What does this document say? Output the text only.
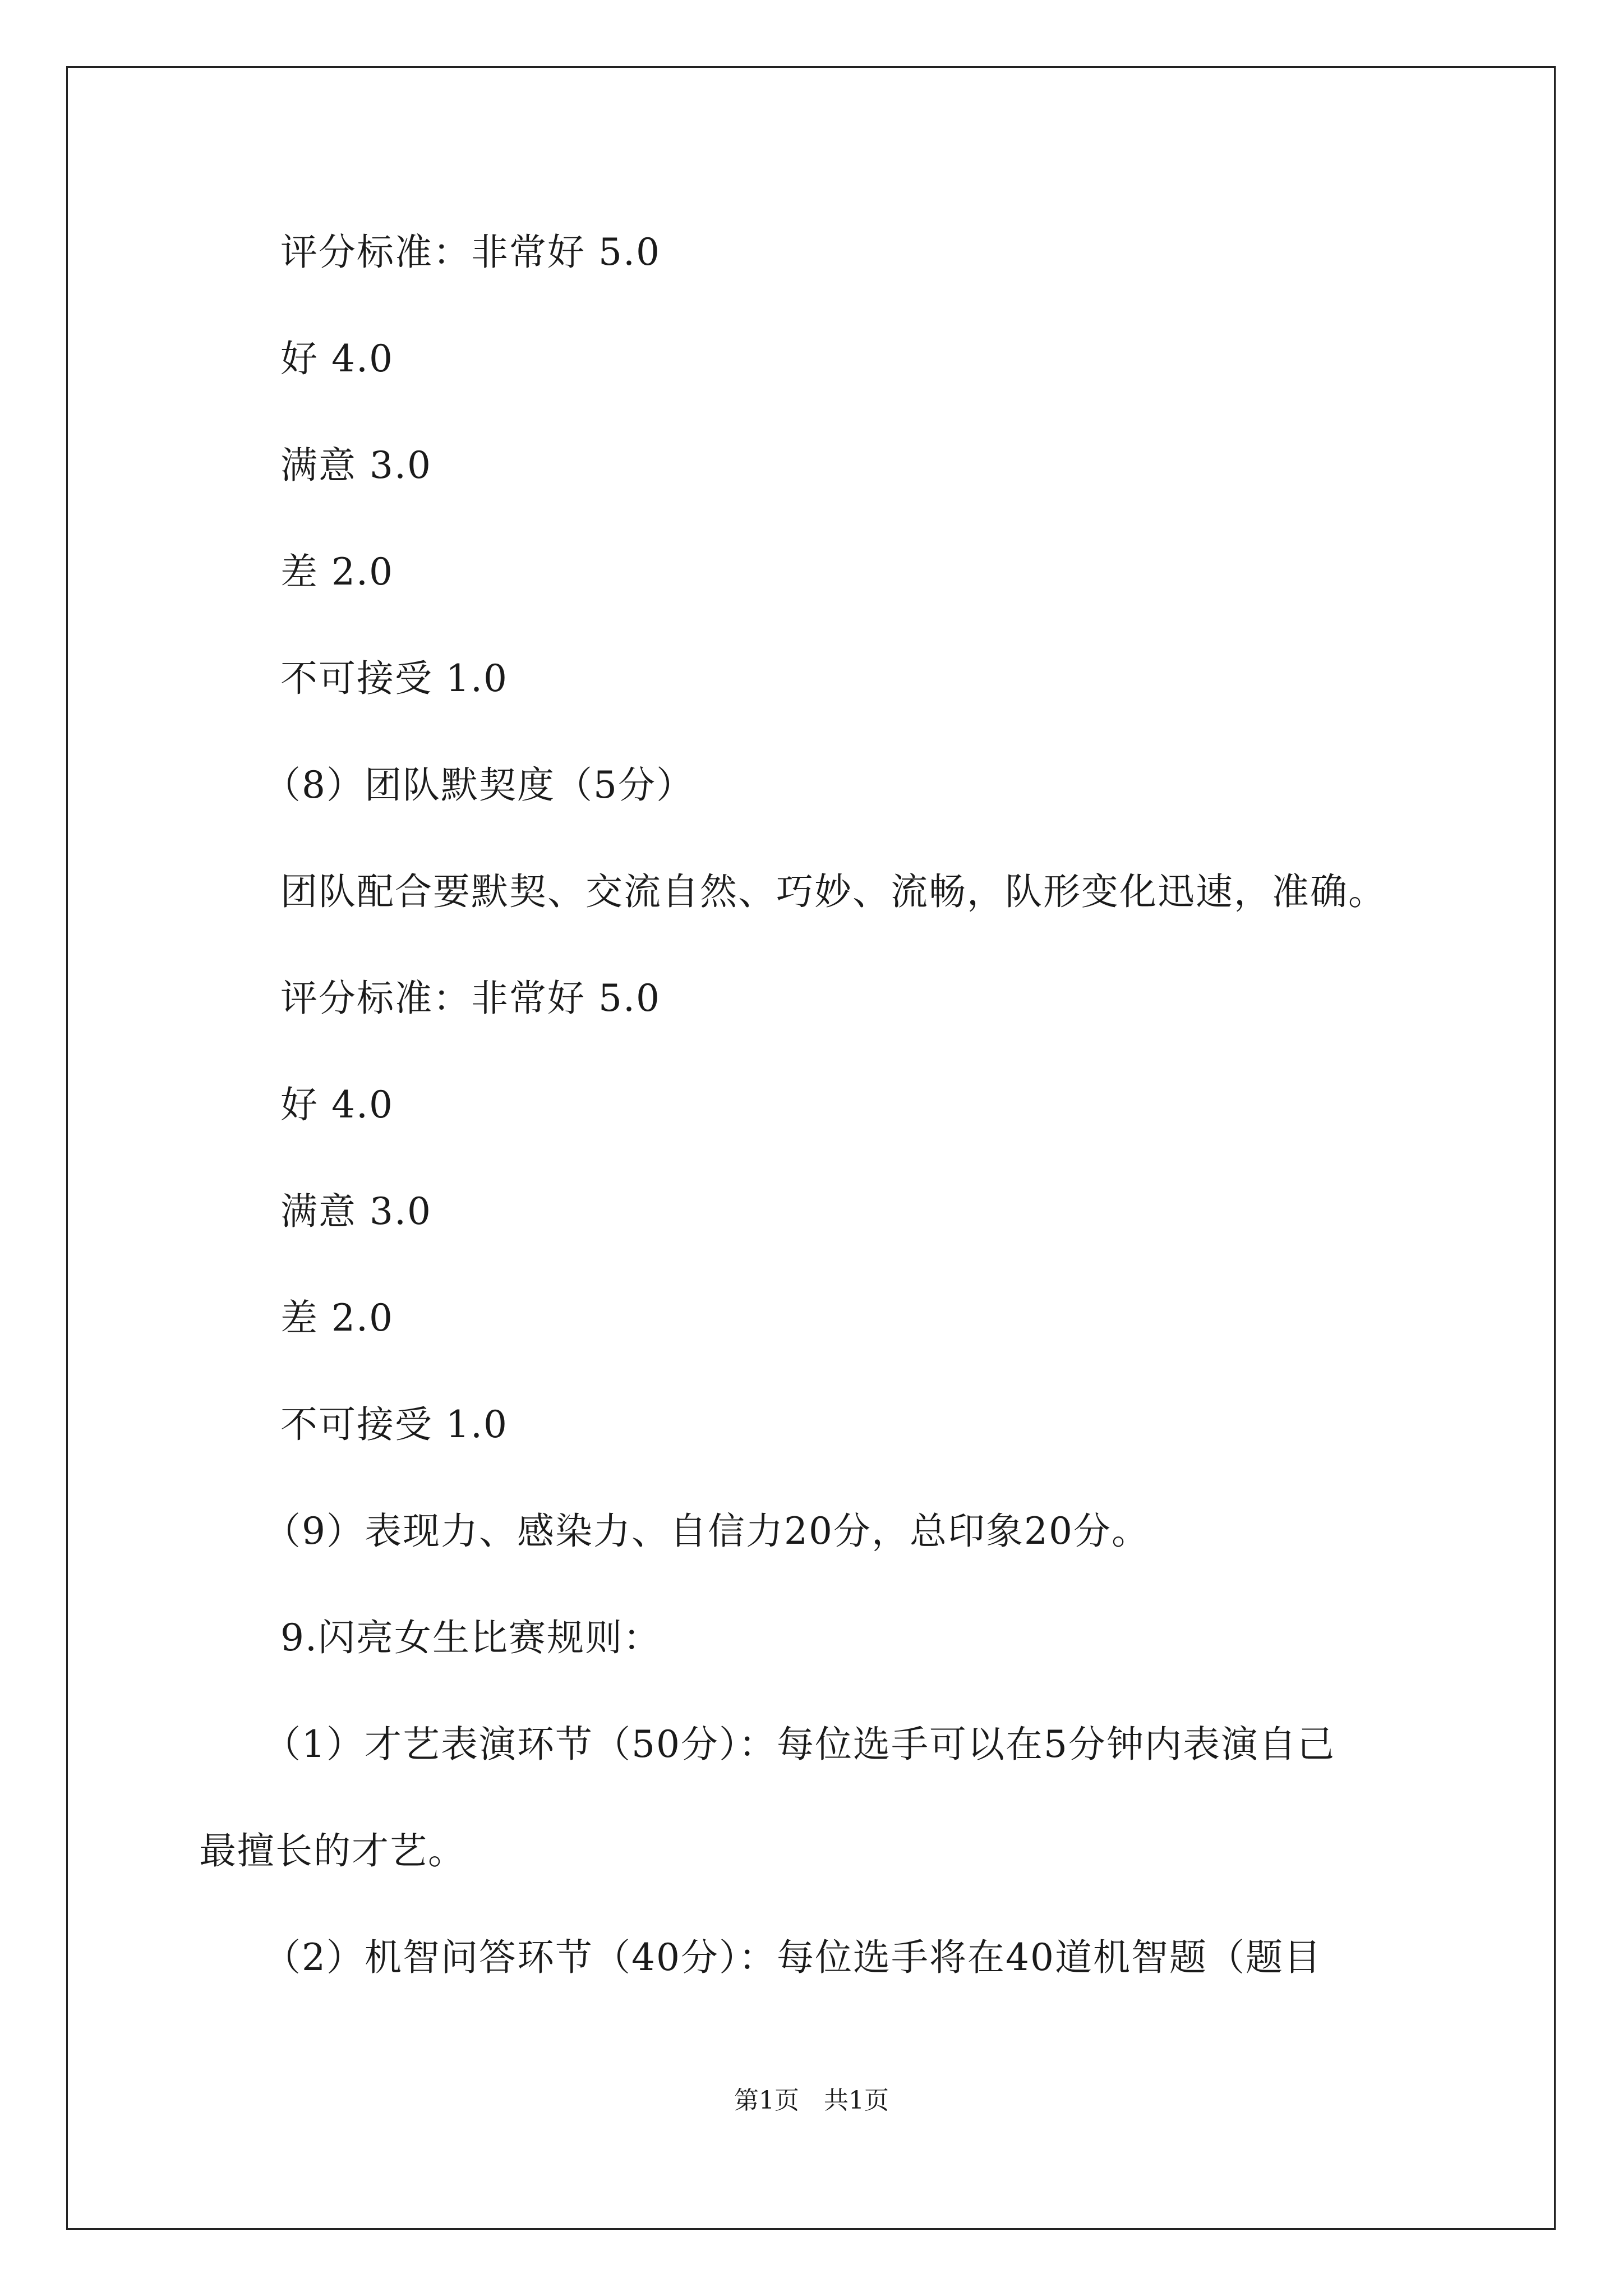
评分标准：非常好 5.0
好 4.0
满意 3.0
差 2.0
不可接受 1.0
（8）团队默契度（5分）
团队配合要默契、交流自然、巧妙、流畅，队形变化迅速，准确。
评分标准：非常好 5.0
好 4.0
满意 3.0
差 2.0
不可接受 1.0
（9）表现力、感染力、自信力20分，总印象20分。
9.闪亮女生比赛规则：
（1）才艺表演环节（50分）：每位选手可以在5分钟内表演自己
最擅长的才艺。
（2）机智问答环节（40分）：每位选手将在40道机智题（题目
第1页　共1页
